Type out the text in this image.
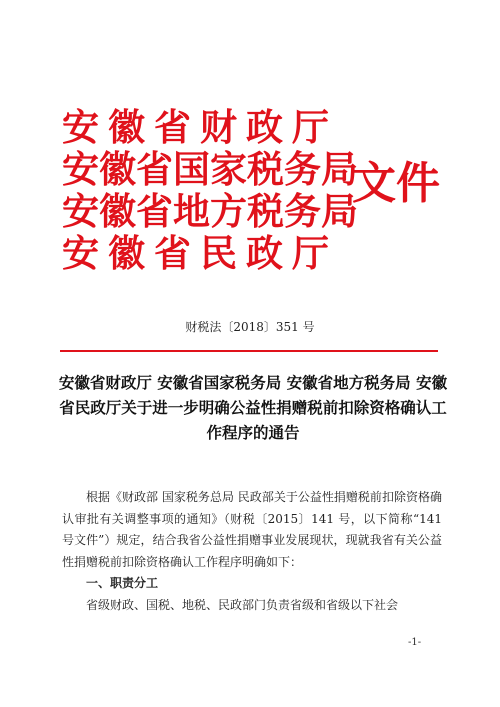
安徽省财政厅
安徽省国家税务局
安徽省地方税务局
安徽省民政厅
文件
财税法〔2018〕351 号
安徽省财政厅 安徽省国家税务局 安徽省地方税务局 安徽省民政厅关于进一步明确公益性捐赠税前扣除资格确认工作程序的通告

根据《财政部 国家税务总局 民政部关于公益性捐赠税前扣除资格确认审批有关调整事项的通知》（财税〔2015〕141 号，以下简称“141 号文件”）规定，结合我省公益性捐赠事业发展现状，现就我省有关公益性捐赠税前扣除资格确认工作程序明确如下：

一、职责分工

省级财政、国税、地税、民政部门负责省级和省级以下社会

-1-
